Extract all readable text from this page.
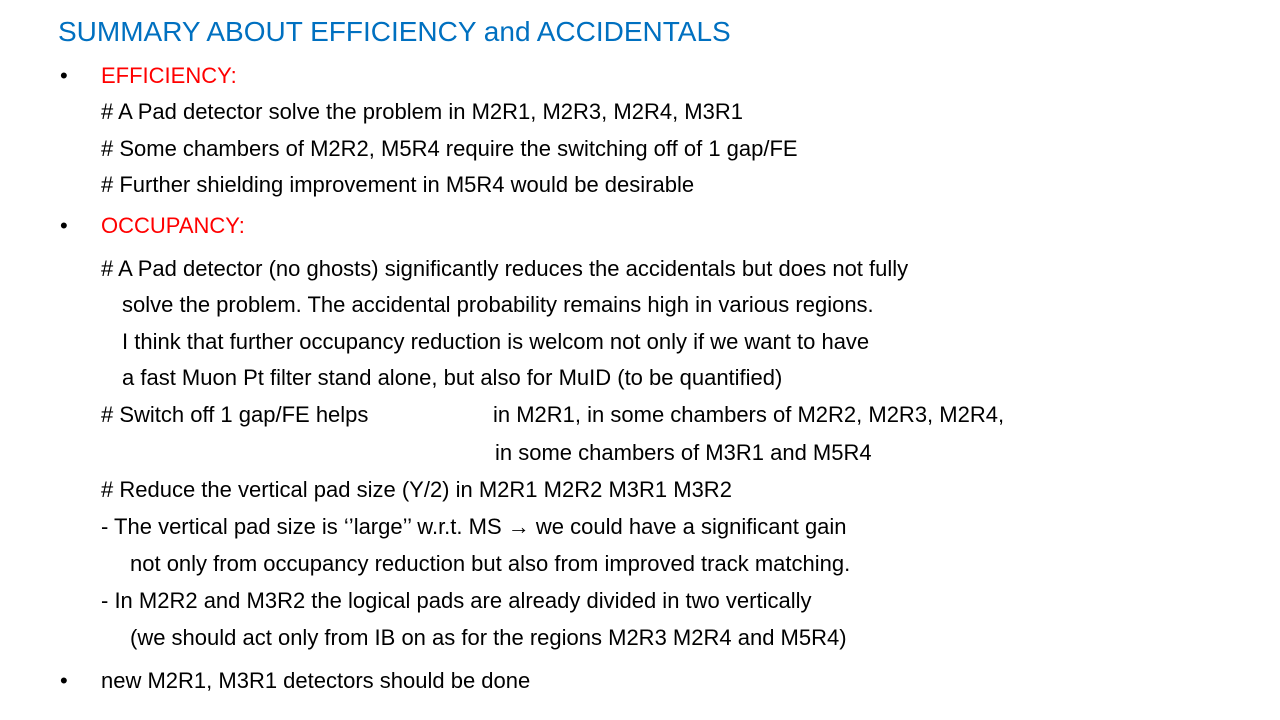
SUMMARY ABOUT EFFICIENCY and ACCIDENTALS
• EFFICIENCY:
# A Pad detector solve the problem in M2R1, M2R3, M2R4, M3R1
# Some chambers of M2R2, M5R4 require the switching off of 1 gap/FE
# Further shielding improvement in M5R4 would be desirable
• OCCUPANCY:
# A Pad detector (no ghosts) significantly reduces the accidentals but does not fully
solve the problem. The accidental probability remains high in various regions.
I think that further occupancy reduction is welcom not only if we want to have
a fast Muon Pt filter stand alone, but also for MuID (to be quantified)
# Switch off 1 gap/FE helps	in M2R1, in some chambers of M2R2, M2R3, M2R4,
in some chambers of M3R1 and M5R4
# Reduce the vertical pad size (Y/2) in M2R1 M2R2 M3R1 M3R2
- The vertical pad size is ‘’large’’ w.r.t. MS → we could have a significant gain
not only from occupancy reduction but also from improved track matching.
- In M2R2 and M3R2 the logical pads are already divided in two vertically
(we should act only from IB on as for the regions M2R3 M2R4 and M5R4)
• new M2R1, M3R1 detectors should be done
